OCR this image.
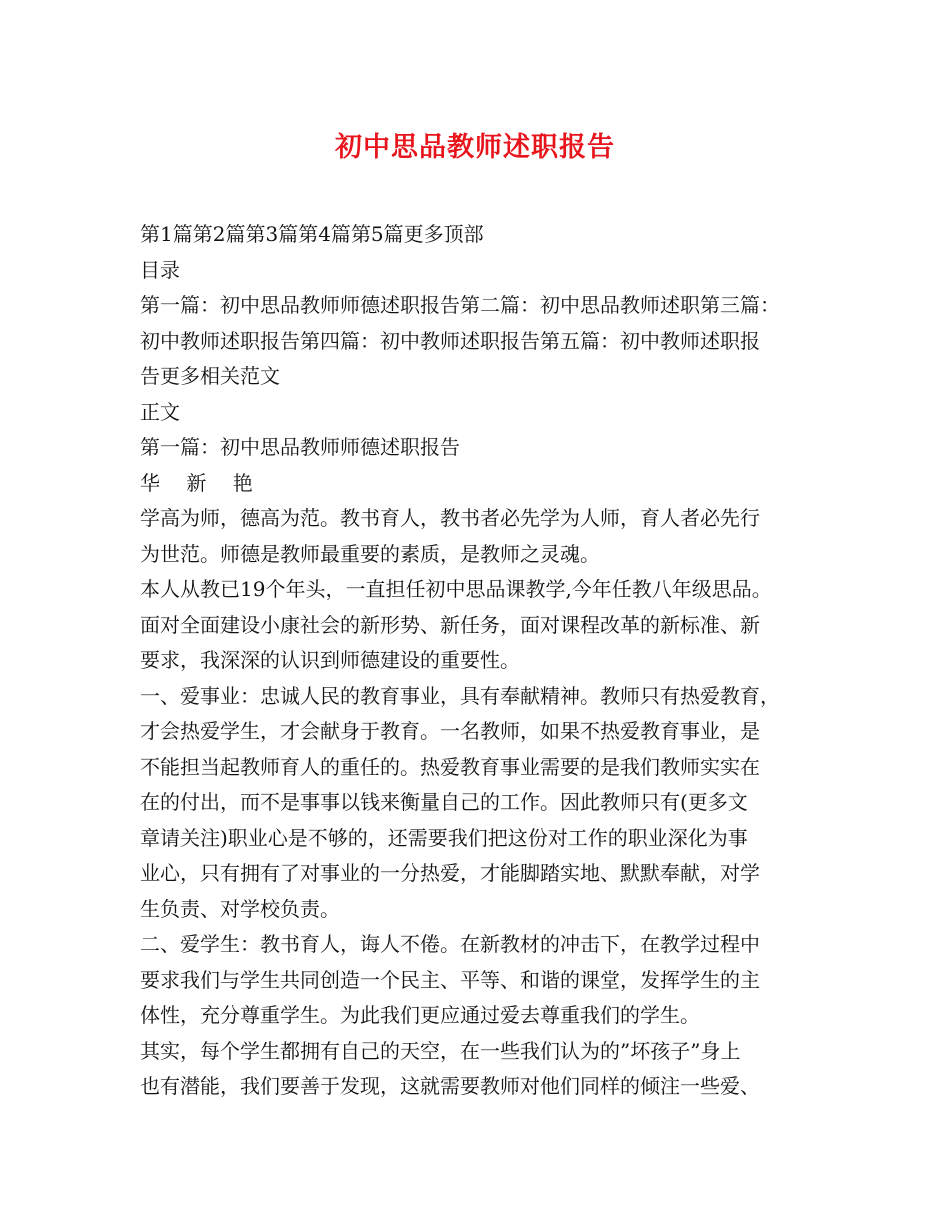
初中思品教师述职报告
第1篇第2篇第3篇第4篇第5篇更多顶部
目录
第一篇：初中思品教师师德述职报告第二篇：初中思品教师述职第三篇：
初中教师述职报告第四篇：初中教师述职报告第五篇：初中教师述职报
告更多相关范文
正文
第一篇：初中思品教师师德述职报告
华 新 艳
学高为师，德高为范。教书育人，教书者必先学为人师，育人者必先行
为世范。师德是教师最重要的素质，是教师之灵魂。
本人从教已19个年头，一直担任初中思品课教学,今年任教八年级思品。
面对全面建设小康社会的新形势、新任务，面对课程改革的新标准、新
要求，我深深的认识到师德建设的重要性。
一、爱事业：忠诚人民的教育事业，具有奉献精神。教师只有热爱教育，
才会热爱学生，才会献身于教育。一名教师，如果不热爱教育事业，是
不能担当起教师育人的重任的。热爱教育事业需要的是我们教师实实在
在的付出，而不是事事以钱来衡量自己的工作。因此教师只有(更多文
章请关注)职业心是不够的，还需要我们把这份对工作的职业深化为事
业心，只有拥有了对事业的一分热爱，才能脚踏实地、默默奉献，对学
生负责、对学校负责。
二、爱学生：教书育人，诲人不倦。在新教材的冲击下，在教学过程中
要求我们与学生共同创造一个民主、平等、和谐的课堂，发挥学生的主
体性，充分尊重学生。为此我们更应通过爱去尊重我们的学生。
其实，每个学生都拥有自己的天空，在一些我们认为的”坏孩子”身上
也有潜能，我们要善于发现，这就需要教师对他们同样的倾注一些爱、
